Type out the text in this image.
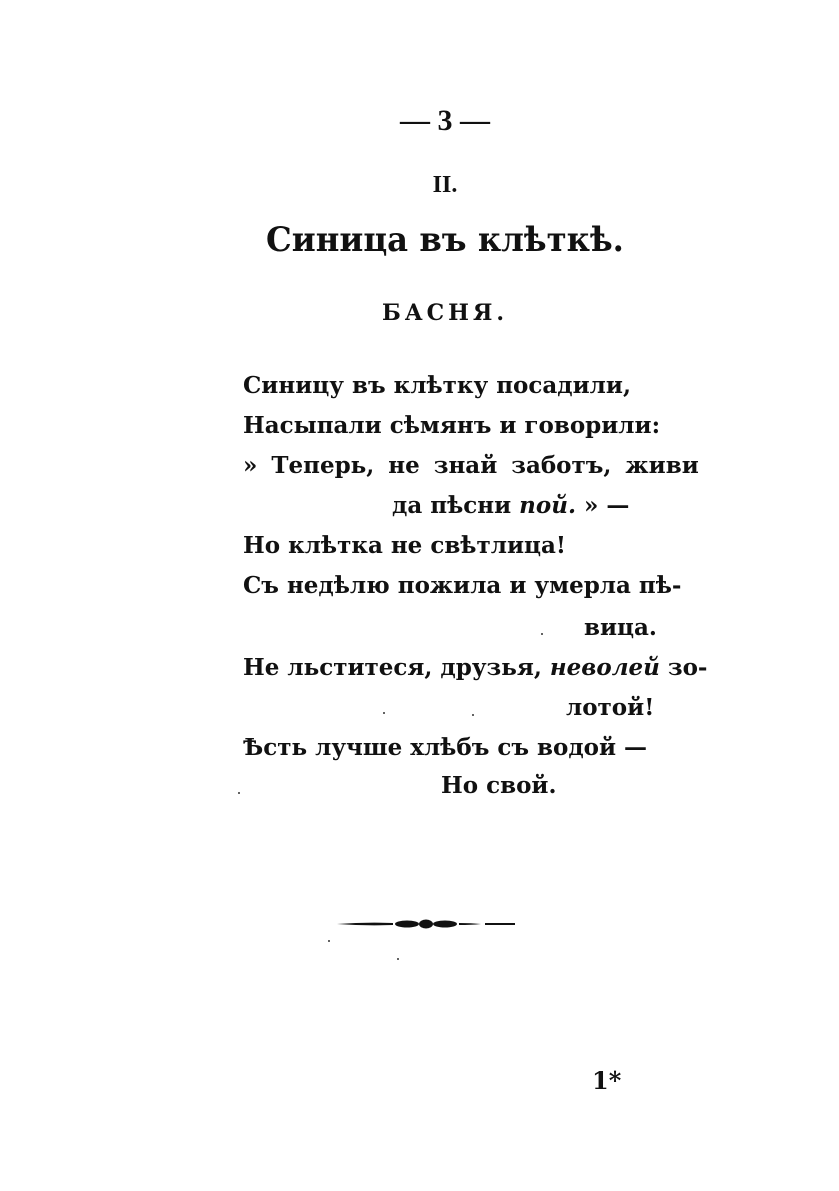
— 3 —
II.
Синица въ клѣткѣ.
БАСНЯ.
Синицу въ клѣтку посадили,
Насыпали сѣмянъ и говорили:
» Теперь, не знай заботъ, живи
да пѣсни пой. » —
Но клѣтка не свѣтлица!
Съ недѣлю пожила и умерла пѣ-
вица.
Не льститеся, друзья, неволей зо-
лотой!
Ѣсть лучше хлѣбъ съ водой —
Но свой.
1*
